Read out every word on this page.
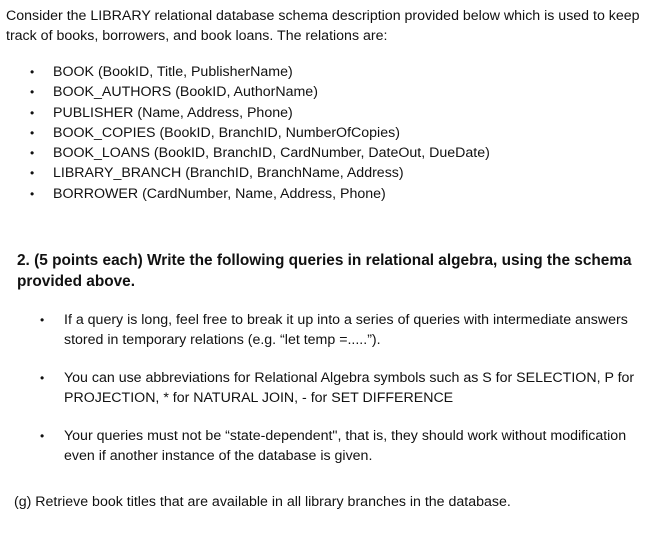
Consider the LIBRARY relational database schema description provided below which is used to keep track of books, borrowers, and book loans. The relations are:

• BOOK (BookID, Title, PublisherName)
• BOOK_AUTHORS (BookID, AuthorName)
• PUBLISHER (Name, Address, Phone)
• BOOK_COPIES (BookID, BranchID, NumberOfCopies)
• BOOK_LOANS (BookID, BranchID, CardNumber, DateOut, DueDate)
• LIBRARY_BRANCH (BranchID, BranchName, Address)
• BORROWER (CardNumber, Name, Address, Phone)

2. (5 points each) Write the following queries in relational algebra, using the schema provided above.

• If a query is long, feel free to break it up into a series of queries with intermediate answers stored in temporary relations (e.g. “let temp =.....”).
• You can use abbreviations for Relational Algebra symbols such as S for SELECTION, P for PROJECTION, * for NATURAL JOIN, - for SET DIFFERENCE
• Your queries must not be “state-dependent", that is, they should work without modification even if another instance of the database is given.

(g) Retrieve book titles that are available in all library branches in the database.
